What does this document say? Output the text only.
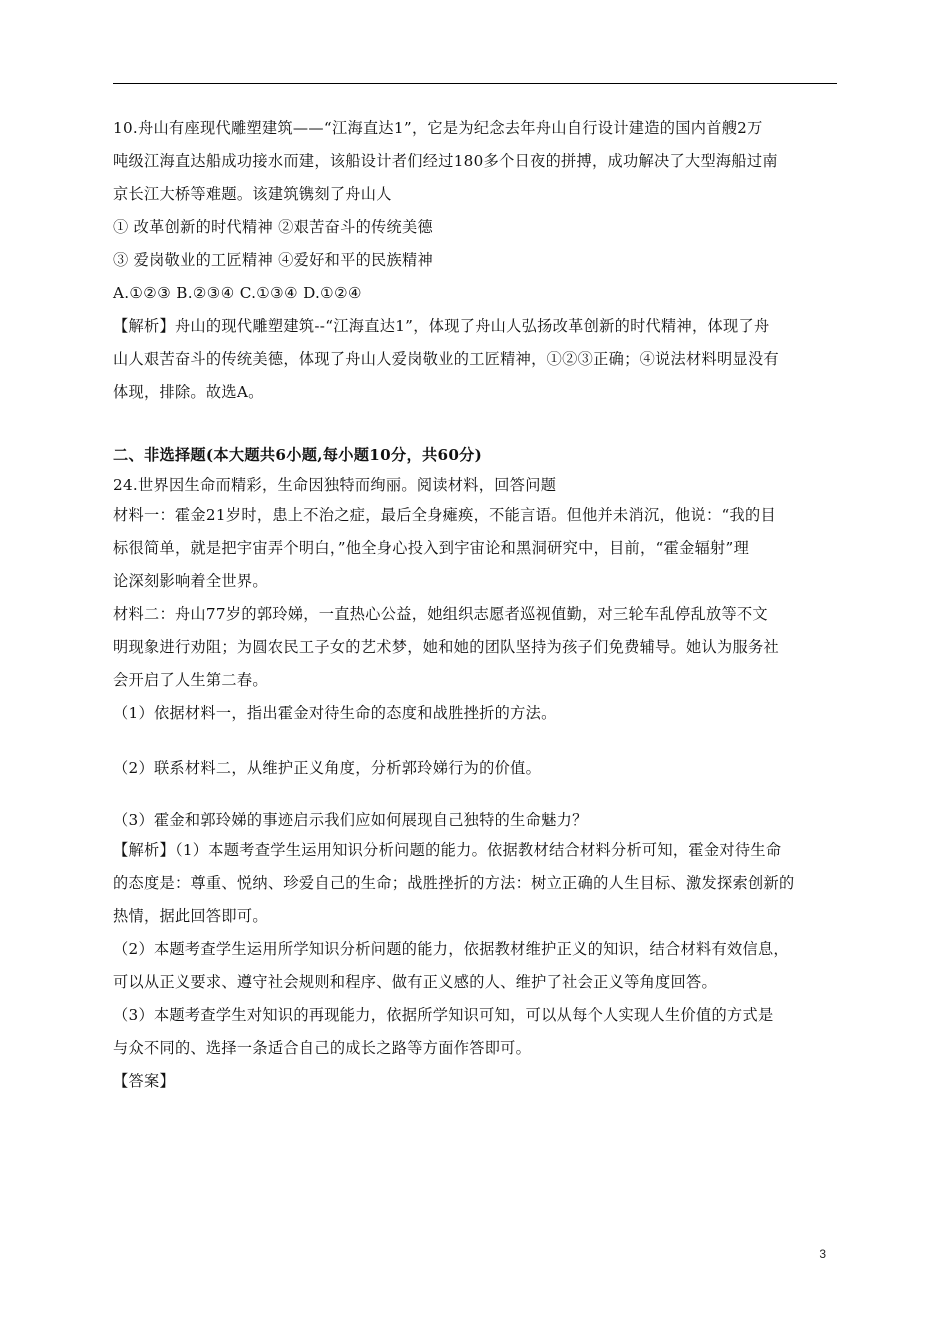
10.舟山有座现代雕塑建筑——“江海直达1”，它是为纪念去年舟山自行设计建造的国内首艘2万

吨级江海直达船成功接水而建，该船设计者们经过180多个日夜的拼搏，成功解决了大型海船过南

京长江大桥等难题。该建筑镌刻了舟山人

① 改革创新的时代精神 ②艰苦奋斗的传统美德

③ 爱岗敬业的工匠精神 ④爱好和平的民族精神

A.①②③ B.②③④ C.①③④ D.①②④

【解析】舟山的现代雕塑建筑--“江海直达1”，体现了舟山人弘扬改革创新的时代精神，体现了舟

山人艰苦奋斗的传统美德，体现了舟山人爱岗敬业的工匠精神，①②③正确；④说法材料明显没有

体现，排除。故选A。

二、非选择题(本大题共6小题,每小题10分，共60分)

24.世界因生命而精彩，生命因独特而绚丽。阅读材料，回答问题

材料一：霍金21岁时，患上不治之症，最后全身瘫痪，不能言语。但他并未消沉，他说：“我的目

标很简单，就是把宇宙弄个明白，”他全身心投入到宇宙论和黑洞研究中，目前，“霍金辐射”理

论深刻影响着全世界。

材料二：舟山77岁的郭玲娣，一直热心公益，她组织志愿者巡视值勤，对三轮车乱停乱放等不文

明现象进行劝阻；为圆农民工子女的艺术梦，她和她的团队坚持为孩子们免费辅导。她认为服务社

会开启了人生第二春。

（1）依据材料一，指出霍金对待生命的态度和战胜挫折的方法。

（2）联系材料二，从维护正义角度，分析郭玲娣行为的价值。

（3）霍金和郭玲娣的事迹启示我们应如何展现自己独特的生命魅力？

【解析】（1）本题考查学生运用知识分析问题的能力。依据教材结合材料分析可知，霍金对待生命

的态度是：尊重、悦纳、珍爱自己的生命；战胜挫折的方法：树立正确的人生目标、激发探索创新的

热情，据此回答即可。

（2）本题考查学生运用所学知识分析问题的能力，依据教材维护正义的知识，结合材料有效信息，

可以从正义要求、遵守社会规则和程序、做有正义感的人、维护了社会正义等角度回答。

（3）本题考查学生对知识的再现能力，依据所学知识可知，可以从每个人实现人生价值的方式是

与众不同的、选择一条适合自己的成长之路等方面作答即可。

【答案】

3
